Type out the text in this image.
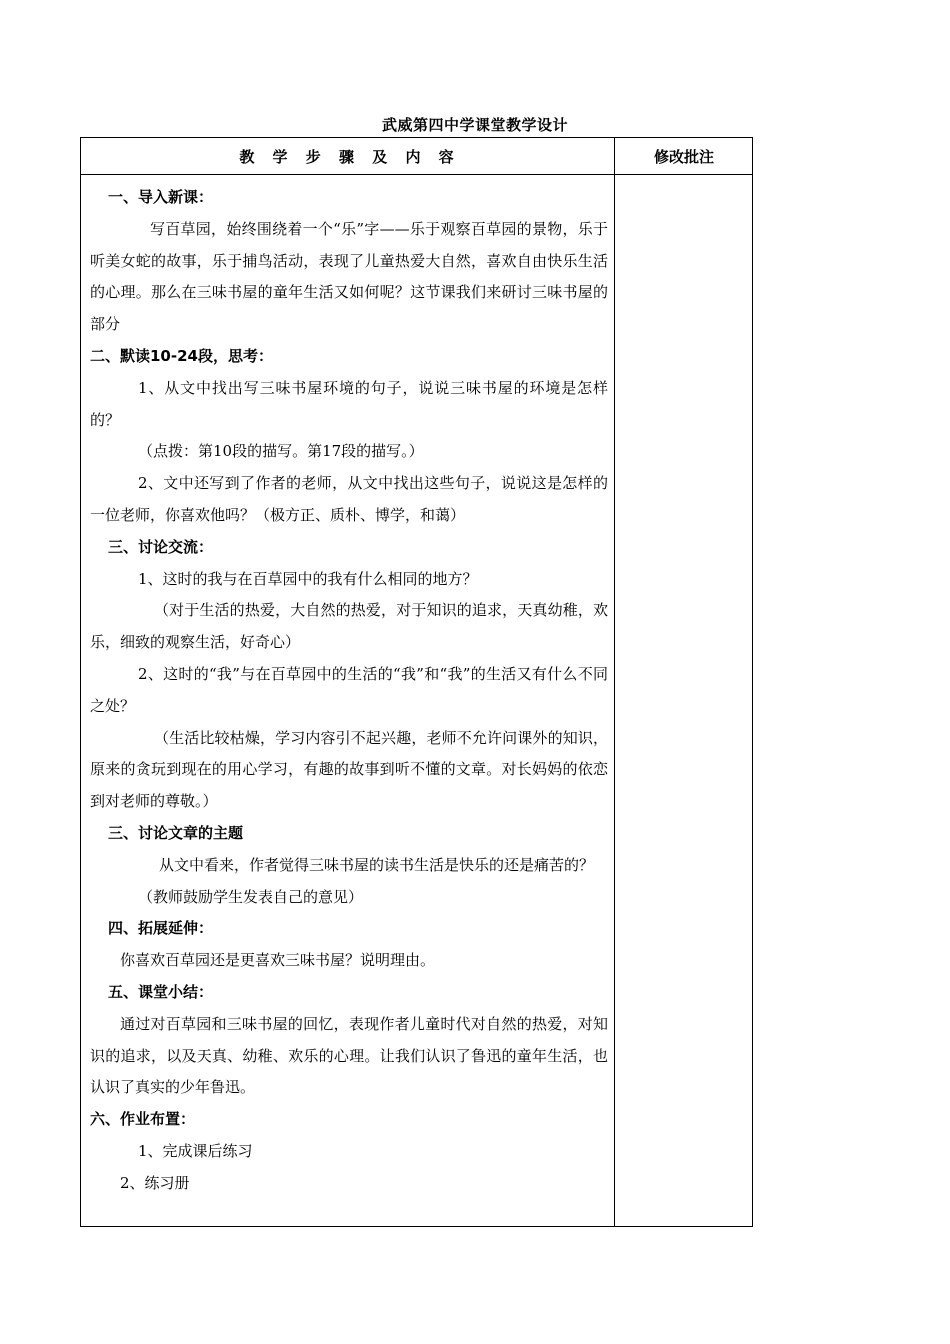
武威第四中学课堂教学设计
教 学 步 骤 及 内 容	修改批注

一、导入新课：

写百草园，始终围绕着一个“乐”字——乐于观察百草园的景物，乐于听美女蛇的故事，乐于捕鸟活动，表现了儿童热爱大自然，喜欢自由快乐生活的心理。那么在三味书屋的童年生活又如何呢？这节课我们来研讨三味书屋的部分

二、默读10-24段，思考：

1、从文中找出写三味书屋环境的句子，说说三味书屋的环境是怎样的？

（点拨：第10段的描写。第17段的描写。）

2、文中还写到了作者的老师，从文中找出这些句子，说说这是怎样的一位老师，你喜欢他吗？（极方正、质朴、博学，和蔼）

三、讨论交流：

1、这时的我与在百草园中的我有什么相同的地方？

（对于生活的热爱，大自然的热爱，对于知识的追求，天真幼稚，欢乐，细致的观察生活，好奇心）

2、这时的“我”与在百草园中的生活的“我”和“我”的生活又有什么不同之处？

（生活比较枯燥，学习内容引不起兴趣，老师不允许问课外的知识，原来的贪玩到现在的用心学习，有趣的故事到听不懂的文章。对长妈妈的依恋到对老师的尊敬。）

三、讨论文章的主题

从文中看来，作者觉得三味书屋的读书生活是快乐的还是痛苦的？

（教师鼓励学生发表自己的意见）

四、拓展延伸：

你喜欢百草园还是更喜欢三味书屋？说明理由。

五、课堂小结：

通过对百草园和三味书屋的回忆，表现作者儿童时代对自然的热爱，对知识的追求，以及天真、幼稚、欢乐的心理。让我们认识了鲁迅的童年生活，也认识了真实的少年鲁迅。

六、作业布置：

1、完成课后练习

2、练习册
